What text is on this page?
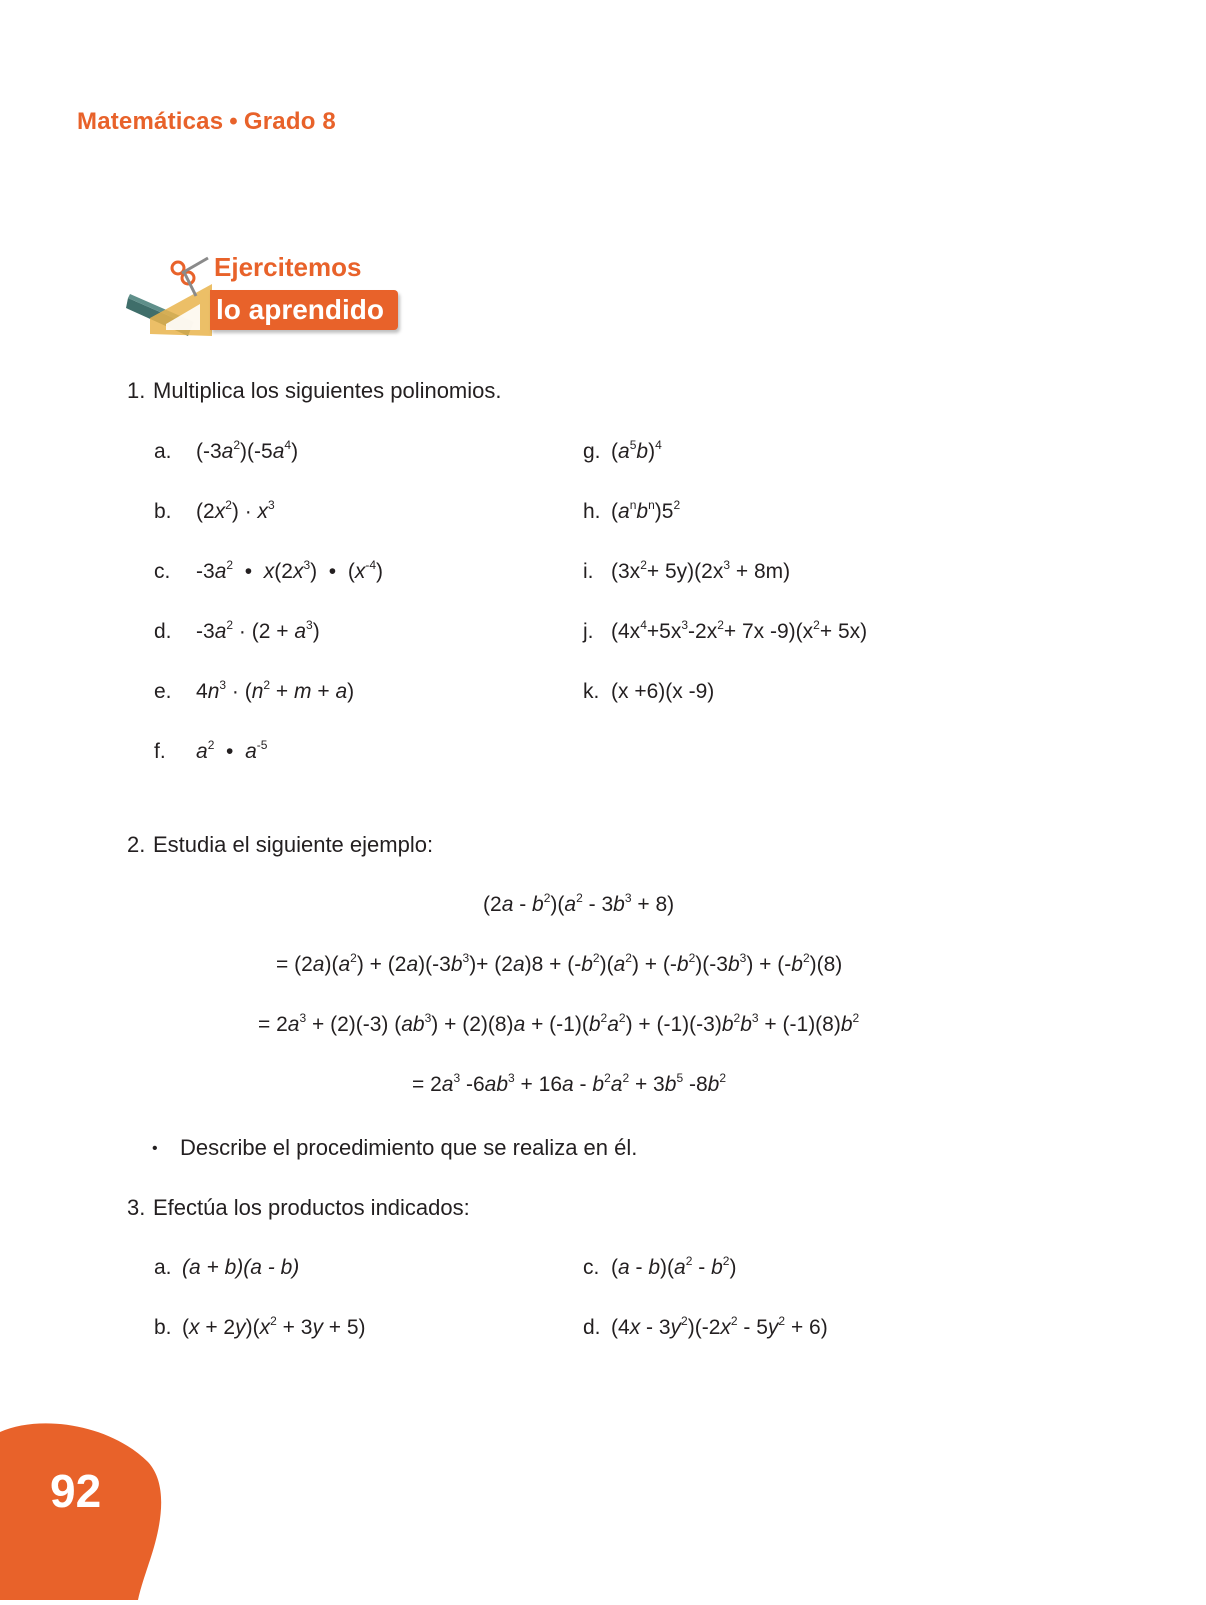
Matemáticas • Grado 8
Ejercitemos
lo aprendido
1. Multiplica los siguientes polinomios.
a. $(-3a^2)(-5a^4)$
b. $(2x^2) \cdot x^3$
c. $-3a^2$  •  $x(2x^3)$  •  $(x^{-4})$
d. $-3a^2 \cdot (2 + a^3)$
e. $4n^3 \cdot (n^2 + m + a)$
f. $a^2$  •  $a^{-5}$
g. $(a^5b)^4$
h. $(a^nb^n)5^2$
i. $(3x^2+ 5y)(2x^3 + 8m)$
j. ($4x^4+5x^3-2x^2+ 7x$ $-9)(x^2+ 5x)$
k. (x +6)(x -9)
2. Estudia el siguiente ejemplo:
$(2a - b^2)(a^2 - 3b^3 + 8)$
= $(2a)(a^2) + (2a)(-3b^3)+ (2a)8 + (-b^2)(a^2) + (-b^2)(-3b^3) + (-b^2)(8)$
= $2a^3 + (2)(-3) (ab^3) + (2)(8)a + (-1)(b^2a^2) + (-1)(-3)b^2b^3 + (-1)(8)b^2$
= $2a^3$ $-6ab^3 + 16a - b^2a^2 + 3b^5$ $-8b^2$
• Describe el procedimiento que se realiza en él.
3. Efectúa los productos indicados:
a. (a + b)(a - b)
b. $(x + 2y)(x^2 + 3y + 5)$
c. $(a - b)(a^2 - b^2)$
d. $(4x - 3y^2)(-2x^2 - 5y^2 + 6)$
92
